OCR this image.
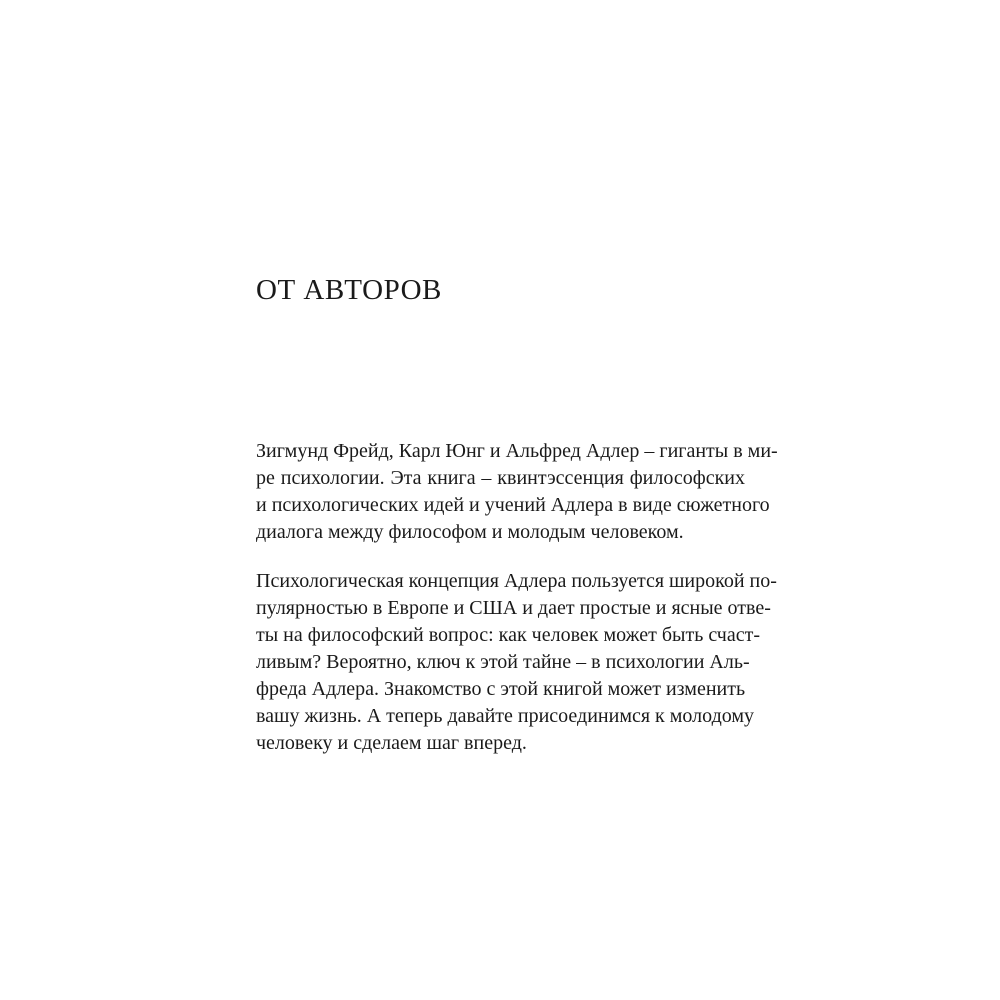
ОТ АВТОРОВ
Зигмунд Фрейд, Карл Юнг и Альфред Адлер – гиганты в ми-
ре психологии. Эта книга – квинтэссенция философских
и психологических идей и учений Адлера в виде сюжетного
диалога между философом и молодым человеком.
Психологическая концепция Адлера пользуется широкой по-
пулярностью в Европе и США и дает простые и ясные отве-
ты на философский вопрос: как человек может быть счаст-
ливым? Вероятно, ключ к этой тайне – в психологии Аль-
фреда Адлера. Знакомство с этой книгой может изменить
вашу жизнь. А теперь давайте присоединимся к молодому
человеку и сделаем шаг вперед.
